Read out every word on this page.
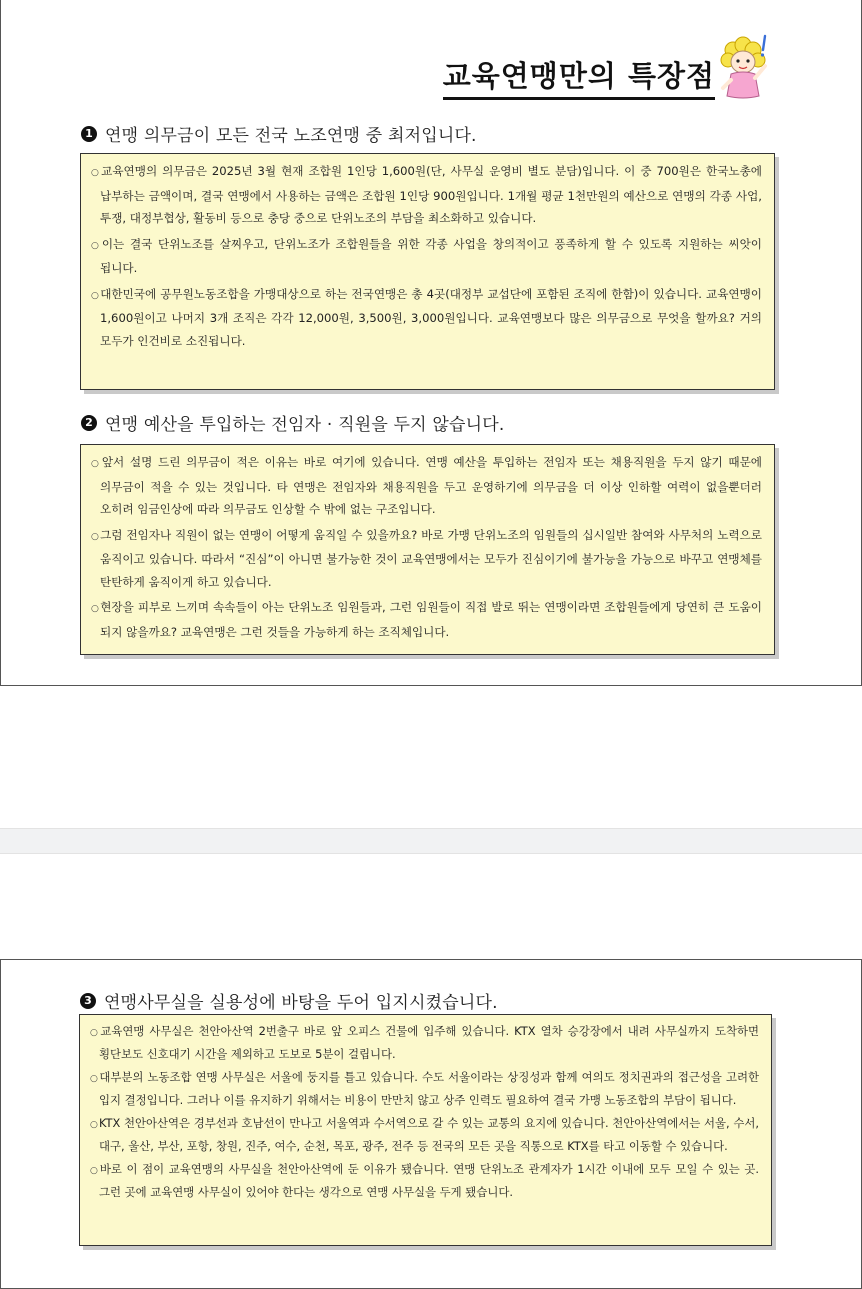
교육연맹만의 특장점
1 연맹 의무금이 모든 전국 노조연맹 중 최저입니다.

○교육연맹의 의무금은 2025년 3월 현재 조합원 1인당 1,600원(단, 사무실 운영비 별도 분담)입니다. 이 중 700원은 한국노총에 납부하는 금액이며, 결국 연맹에서 사용하는 금액은 조합원 1인당 900원입니다. 1개월 평균 1천만원의 예산으로 연맹의 각종 사업, 투쟁, 대정부협상, 활동비 등으로 충당 중으로 단위노조의 부담을 최소화하고 있습니다.

○이는 결국 단위노조를 살찌우고, 단위노조가 조합원들을 위한 각종 사업을 창의적이고 풍족하게 할 수 있도록 지원하는 씨앗이 됩니다.

○대한민국에 공무원노동조합을 가맹대상으로 하는 전국연맹은 총 4곳(대정부 교섭단에 포함된 조직에 한함)이 있습니다. 교육연맹이 1,600원이고 나머지 3개 조직은 각각 12,000원, 3,500원, 3,000원입니다. 교육연맹보다 많은 의무금으로 무엇을 할까요? 거의 모두가 인건비로 소진됩니다.

2 연맹 예산을 투입하는 전임자 · 직원을 두지 않습니다.

○앞서 설명 드린 의무금이 적은 이유는 바로 여기에 있습니다. 연맹 예산을 투입하는 전임자 또는 채용직원을 두지 않기 때문에 의무금이 적을 수 있는 것입니다. 타 연맹은 전임자와 채용직원을 두고 운영하기에 의무금을 더 이상 인하할 여력이 없을뿐더러 오히려 임금인상에 따라 의무금도 인상할 수 밖에 없는 구조입니다.

○그럼 전임자나 직원이 없는 연맹이 어떻게 움직일 수 있을까요? 바로 가맹 단위노조의 임원들의 십시일반 참여와 사무처의 노력으로 움직이고 있습니다. 따라서 “진심”이 아니면 불가능한 것이 교육연맹에서는 모두가 진심이기에 불가능을 가능으로 바꾸고 연맹체를 탄탄하게 움직이게 하고 있습니다.

○현장을 피부로 느끼며 속속들이 아는 단위노조 임원들과, 그런 임원들이 직접 발로 뛰는 연맹이라면 조합원들에게 당연히 큰 도움이 되지 않을까요? 교육연맹은 그런 것들을 가능하게 하는 조직체입니다.

3 연맹사무실을 실용성에 바탕을 두어 입지시켰습니다.

○교육연맹 사무실은 천안아산역 2번출구 바로 앞 오피스 건물에 입주해 있습니다. KTX 열차 승강장에서 내려 사무실까지 도착하면 횡단보도 신호대기 시간을 제외하고 도보로 5분이 걸립니다.

○대부분의 노동조합 연맹 사무실은 서울에 둥지를 틀고 있습니다. 수도 서울이라는 상징성과 함께 여의도 정치권과의 접근성을 고려한 입지 결정입니다. 그러나 이를 유지하기 위해서는 비용이 만만치 않고 상주 인력도 필요하여 결국 가맹 노동조합의 부담이 됩니다.

○KTX 천안아산역은 경부선과 호남선이 만나고 서울역과 수서역으로 갈 수 있는 교통의 요지에 있습니다. 천안아산역에서는 서울, 수서, 대구, 울산, 부산, 포항, 창원, 진주, 여수, 순천, 목포, 광주, 전주 등 전국의 모든 곳을 직통으로 KTX를 타고 이동할 수 있습니다.

○바로 이 점이 교육연맹의 사무실을 천안아산역에 둔 이유가 됐습니다. 연맹 단위노조 관계자가 1시간 이내에 모두 모일 수 있는 곳. 그런 곳에 교육연맹 사무실이 있어야 한다는 생각으로 연맹 사무실을 두게 됐습니다.
